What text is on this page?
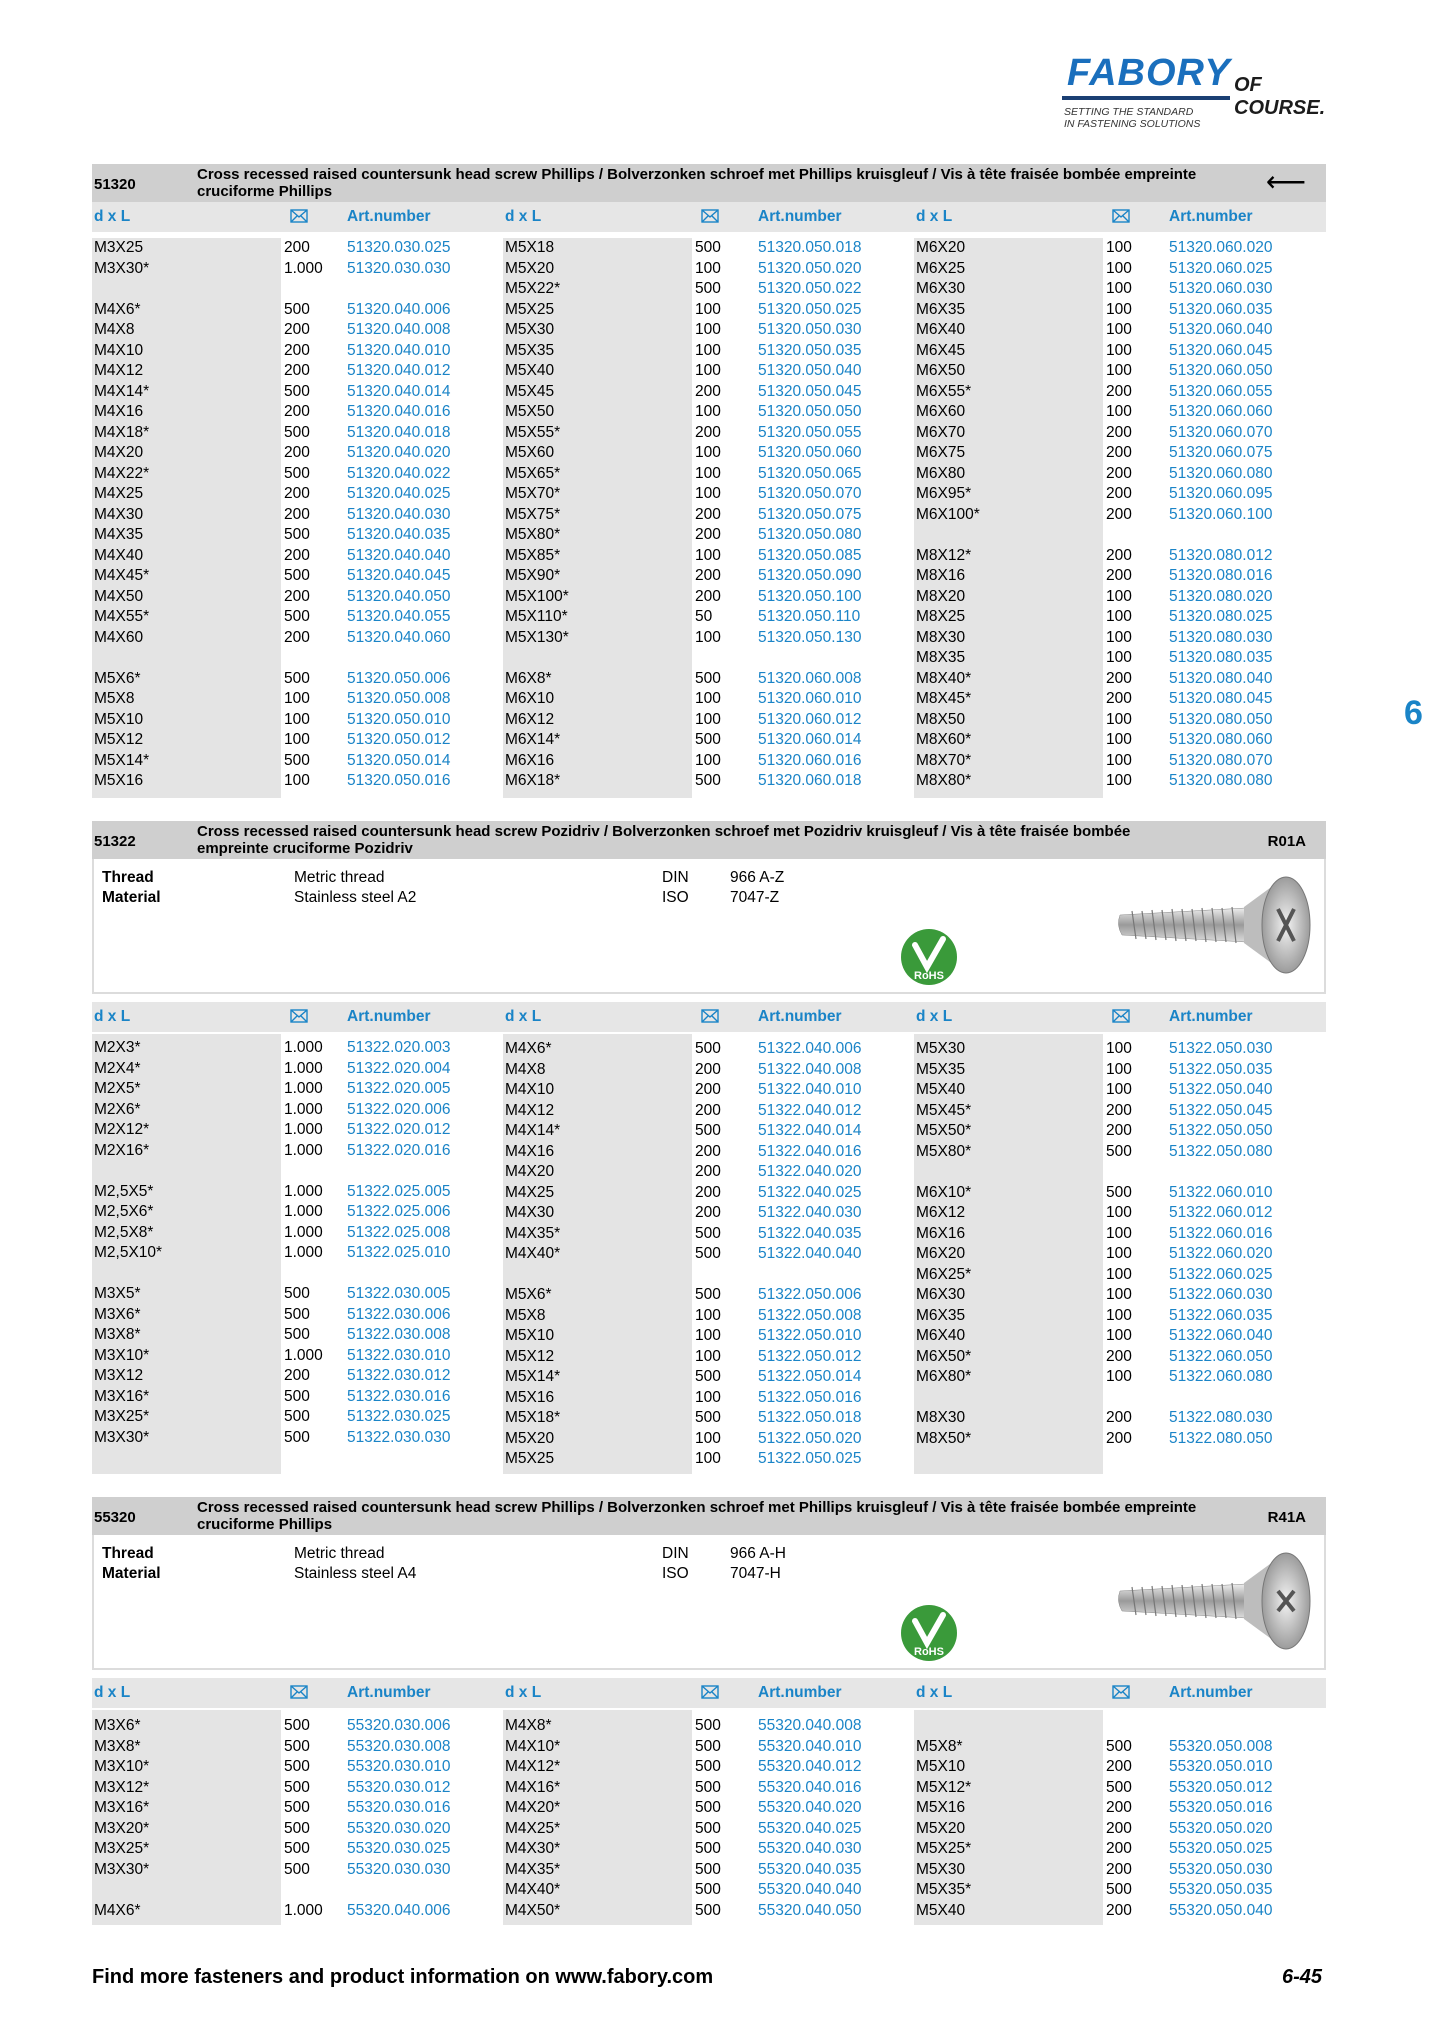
FABORY OF COURSE.
SETTING THE STANDARD
IN FASTENING SOLUTIONS
6
51320
Cross recessed raised countersunk head screw Phillips / Bolverzonken schroef met Phillips kruisgleuf / Vis à tête fraisée bombée empreinte cruciforme Phillips	⟵
d x L	Art.number	d x L	Art.number	d x L	Art.number
M3X25	200 51320.030.025
M3X30*	1.000 51320.030.030
M4X6*	500 51320.040.006
M4X8	200 51320.040.008
M4X10	200 51320.040.010
M4X12	200 51320.040.012
M4X14*	500 51320.040.014
M4X16	200 51320.040.016
M4X18*	500 51320.040.018
M4X20	200 51320.040.020
M4X22*	500 51320.040.022
M4X25	200 51320.040.025
M4X30	200 51320.040.030
M4X35	500 51320.040.035
M4X40	200 51320.040.040
M4X45*	500 51320.040.045
M4X50	200 51320.040.050
M4X55*	500 51320.040.055
M4X60	200 51320.040.060
M5X6*	500 51320.050.006
M5X8	100 51320.050.008
M5X10	100 51320.050.010
M5X12	100 51320.050.012
M5X14*	500 51320.050.014
M5X16	100 51320.050.016
M5X18	500 51320.050.018
M5X20	100 51320.050.020
M5X22*	500 51320.050.022
M5X25	100 51320.050.025
M5X30	100 51320.050.030
M5X35	100 51320.050.035
M5X40	100 51320.050.040
M5X45	200 51320.050.045
M5X50	100 51320.050.050
M5X55*	200 51320.050.055
M5X60	100 51320.050.060
M5X65*	100 51320.050.065
M5X70*	100 51320.050.070
M5X75*	200 51320.050.075
M5X80*	200 51320.050.080
M5X85*	100 51320.050.085
M5X90*	200 51320.050.090
M5X100*	200 51320.050.100
M5X110*	50	51320.050.110
M5X130*	100 51320.050.130
M6X8*	500 51320.060.008
M6X10	100 51320.060.010
M6X12	100 51320.060.012
M6X14*	500 51320.060.014
M6X16	100 51320.060.016
M6X18*	500 51320.060.018
M6X20	100 51320.060.020
M6X25	100 51320.060.025
M6X30	100 51320.060.030
M6X35	100 51320.060.035
M6X40	100 51320.060.040
M6X45	100 51320.060.045
M6X50	100 51320.060.050
M6X55*	200 51320.060.055
M6X60	100 51320.060.060
M6X70	200 51320.060.070
M6X75	200 51320.060.075
M6X80	200 51320.060.080
M6X95*	200 51320.060.095
M6X100*	200 51320.060.100
M8X12*	200 51320.080.012
M8X16	200 51320.080.016
M8X20	100 51320.080.020
M8X25	100 51320.080.025
M8X30	100 51320.080.030
M8X35	100 51320.080.035
M8X40*	200 51320.080.040
M8X45*	200 51320.080.045
M8X50	100 51320.080.050
M8X60*	100 51320.080.060
M8X70*	100 51320.080.070
M8X80*	100 51320.080.080
51322
Cross recessed raised countersunk head screw Pozidriv / Bolverzonken schroef met Pozidriv kruisgleuf / Vis à tête fraisée bombée empreinte cruciforme Pozidriv	R01A
Thread	Metric thread
Material	Stainless steel A2
DIN	966 A-Z
ISO	7047-Z
RoHS
d x L	Art.number	d x L	Art.number	d x L	Art.number
M2X3*	1.000 51322.020.003
M2X4*	1.000 51322.020.004
M2X5*	1.000 51322.020.005
M2X6*	1.000 51322.020.006
M2X12*	1.000 51322.020.012
M2X16*	1.000 51322.020.016
M2,5X5*	1.000 51322.025.005
M2,5X6*	1.000 51322.025.006
M2,5X8*	1.000 51322.025.008
M2,5X10*	1.000 51322.025.010
M3X5*	500 51322.030.005
M3X6*	500 51322.030.006
M3X8*	500 51322.030.008
M3X10*	1.000 51322.030.010
M3X12	200 51322.030.012
M3X16*	500 51322.030.016
M3X25*	500 51322.030.025
M3X30*	500 51322.030.030
M4X6*	500 51322.040.006
M4X8	200 51322.040.008
M4X10	200 51322.040.010
M4X12	200 51322.040.012
M4X14*	500 51322.040.014
M4X16	200 51322.040.016
M4X20	200 51322.040.020
M4X25	200 51322.040.025
M4X30	200 51322.040.030
M4X35*	500 51322.040.035
M4X40*	500 51322.040.040
M5X6*	500 51322.050.006
M5X8	100 51322.050.008
M5X10	100 51322.050.010
M5X12	100 51322.050.012
M5X14*	500 51322.050.014
M5X16	100 51322.050.016
M5X18*	500 51322.050.018
M5X20	100 51322.050.020
M5X25	100 51322.050.025
M5X30	100 51322.050.030
M5X35	100 51322.050.035
M5X40	100 51322.050.040
M5X45*	200 51322.050.045
M5X50*	200 51322.050.050
M5X80*	500 51322.050.080
M6X10*	500 51322.060.010
M6X12	100 51322.060.012
M6X16	100 51322.060.016
M6X20	100 51322.060.020
M6X25*	100 51322.060.025
M6X30	100 51322.060.030
M6X35	100 51322.060.035
M6X40	100 51322.060.040
M6X50*	200 51322.060.050
M6X80*	100 51322.060.080
M8X30	200 51322.080.030
M8X50*	200 51322.080.050
55320
Cross recessed raised countersunk head screw Phillips / Bolverzonken schroef met Phillips kruisgleuf / Vis à tête fraisée bombée empreinte cruciforme Phillips	R41A
Thread	Metric thread
Material	Stainless steel A4
DIN	966 A-H
ISO	7047-H
RoHS
d x L	Art.number	d x L	Art.number	d x L	Art.number
M3X6*	500 55320.030.006
M3X8*	500 55320.030.008
M3X10*	500 55320.030.010
M3X12*	500 55320.030.012
M3X16*	500 55320.030.016
M3X20*	500 55320.030.020
M3X25*	500 55320.030.025
M3X30*	500 55320.030.030
M4X6*	1.000 55320.040.006
M4X8*	500 55320.040.008
M4X10*	500 55320.040.010
M4X12*	500 55320.040.012
M4X16*	500 55320.040.016
M4X20*	500 55320.040.020
M4X25*	500 55320.040.025
M4X30*	500 55320.040.030
M4X35*	500 55320.040.035
M4X40*	500 55320.040.040
M4X50*	500 55320.040.050
M5X8*	500 55320.050.008
M5X10	200 55320.050.010
M5X12*	500 55320.050.012
M5X16	200 55320.050.016
M5X20	200 55320.050.020
M5X25*	200 55320.050.025
M5X30	200 55320.050.030
M5X35*	500 55320.050.035
M5X40	200 55320.050.040
Find more fasteners and product information on www.fabory.com	6-45
